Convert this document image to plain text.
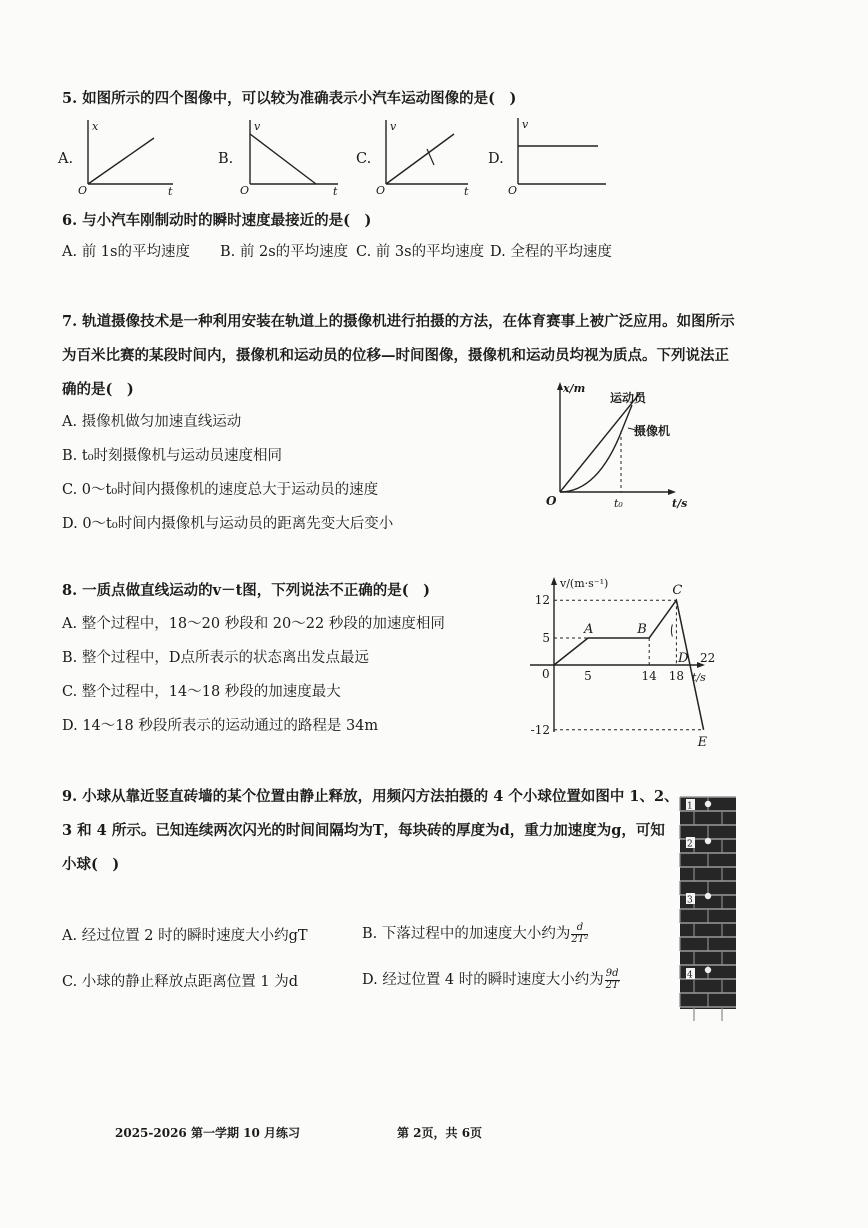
5. 如图所示的四个图像中，可以较为准确表示小汽车运动图像的是(　)
A.
x
t
O
B.
v
t
O
C.
v
t
O
D.
v
O
6. 与小汽车刚制动时的瞬时速度最接近的是(　)
A. 前 1s的平均速度 B. 前 2s的平均速度 C. 前 3s的平均速度 D. 全程的平均速度
7. 轨道摄像技术是一种利用安装在轨道上的摄像机进行拍摄的方法，在体育赛事上被广泛应用。如图所示
为百米比赛的某段时间内，摄像机和运动员的位移—时间图像，摄像机和运动员均视为质点。下列说法正
确的是(　)
A. 摄像机做匀加速直线运动
B. t₀时刻摄像机与运动员速度相同
C. 0～t₀时间内摄像机的速度总大于运动员的速度
D. 0～t₀时间内摄像机与运动员的距离先变大后变小
x/m
t/s
O	t₀
运动员
摄像机
8. 一质点做直线运动的v－t图，下列说法不正确的是(　)
A. 整个过程中，18～20 秒段和 20～22 秒段的加速度相同
B. 整个过程中，D点所表示的状态离出发点最远
C. 整个过程中，14～18 秒段的加速度最大
D. 14～18 秒段所表示的运动通过的路程是 34m
12
5
-12
5	14 18
22
A	B
C
D
E
v/(m·s⁻¹)
t/s
0
9. 小球从靠近竖直砖墙的某个位置由静止释放，用频闪方法拍摄的 4 个小球位置如图中 1、2、
3 和 4 所示。已知连续两次闪光的时间间隔均为T，每块砖的厚度为d，重力加速度为g，可知
小球(　)
A. 经过位置 2 时的瞬时速度大小约gT	B. 下落过程中的加速度大小约为 $\frac{d}{\text{2T²}}$
C. 小球的静止释放点距离位置 1 为d	D. 经过位置 4 时的瞬时速度大小约为 $\frac{9d}{2T}$
1
2
3
4
2025-2026 第一学期 10 月练习	第 2页，共 6页
